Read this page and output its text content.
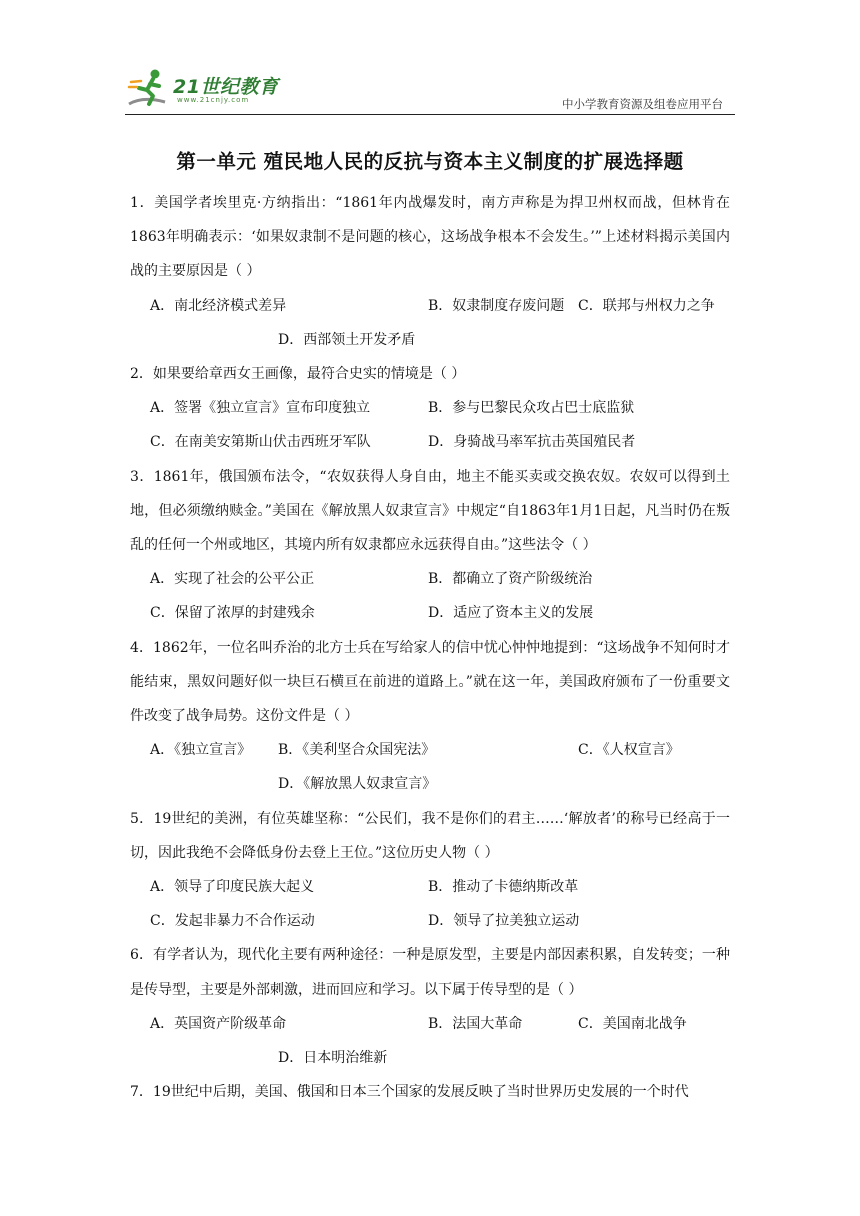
21世纪教育
www.21cnjy.com	中小学教育资源及组卷应用平台
第一单元 殖民地人民的反抗与资本主义制度的扩展选择题

1．美国学者埃里克·方纳指出：“1861年内战爆发时，南方声称是为捍卫州权而战，但林肯在1863年明确表示：‘如果奴隶制不是问题的核心，这场战争根本不会发生。’”上述材料揭示美国内战的主要原因是（ ）

A．南北经济模式差异	B．奴隶制度存废问题 C．联邦与州权力之争
D．西部领土开发矛盾

2．如果要给章西女王画像，最符合史实的情境是（ ）

A．签署《独立宣言》宣布印度独立	B．参与巴黎民众攻占巴士底监狱
C．在南美安第斯山伏击西班牙军队	D．身骑战马率军抗击英国殖民者

3．1861年，俄国颁布法令，“农奴获得人身自由，地主不能买卖或交换农奴。农奴可以得到土地，但必须缴纳赎金。”美国在《解放黑人奴隶宣言》中规定“自1863年1月1日起，凡当时仍在叛乱的任何一个州或地区，其境内所有奴隶都应永远获得自由。”这些法令（ ）

A．实现了社会的公平公正	B．都确立了资产阶级统治
C．保留了浓厚的封建残余	D．适应了资本主义的发展

4．1862年，一位名叫乔治的北方士兵在写给家人的信中忧心忡忡地提到：“这场战争不知何时才能结束，黑奴问题好似一块巨石横亘在前进的道路上。”就在这一年，美国政府颁布了一份重要文件改变了战争局势。这份文件是（ ）

A．《独立宣言》 B．《美利坚合众国宪法》	C．《人权宣言》
D．《解放黑人奴隶宣言》

5．19世纪的美洲，有位英雄坚称：“公民们，我不是你们的君主……‘解放者’的称号已经高于一切，因此我绝不会降低身份去登上王位。”这位历史人物（ ）

A．领导了印度民族大起义	B．推动了卡德纳斯改革
C．发起非暴力不合作运动	D．领导了拉美独立运动

6．有学者认为，现代化主要有两种途径：一种是原发型，主要是内部因素积累，自发转变；一种是传导型，主要是外部刺激，进而回应和学习。以下属于传导型的是（ ）

A．英国资产阶级革命	B．法国大革命	C．美国南北战争
D．日本明治维新

7．19世纪中后期，美国、俄国和日本三个国家的发展反映了当时世界历史发展的一个时代
